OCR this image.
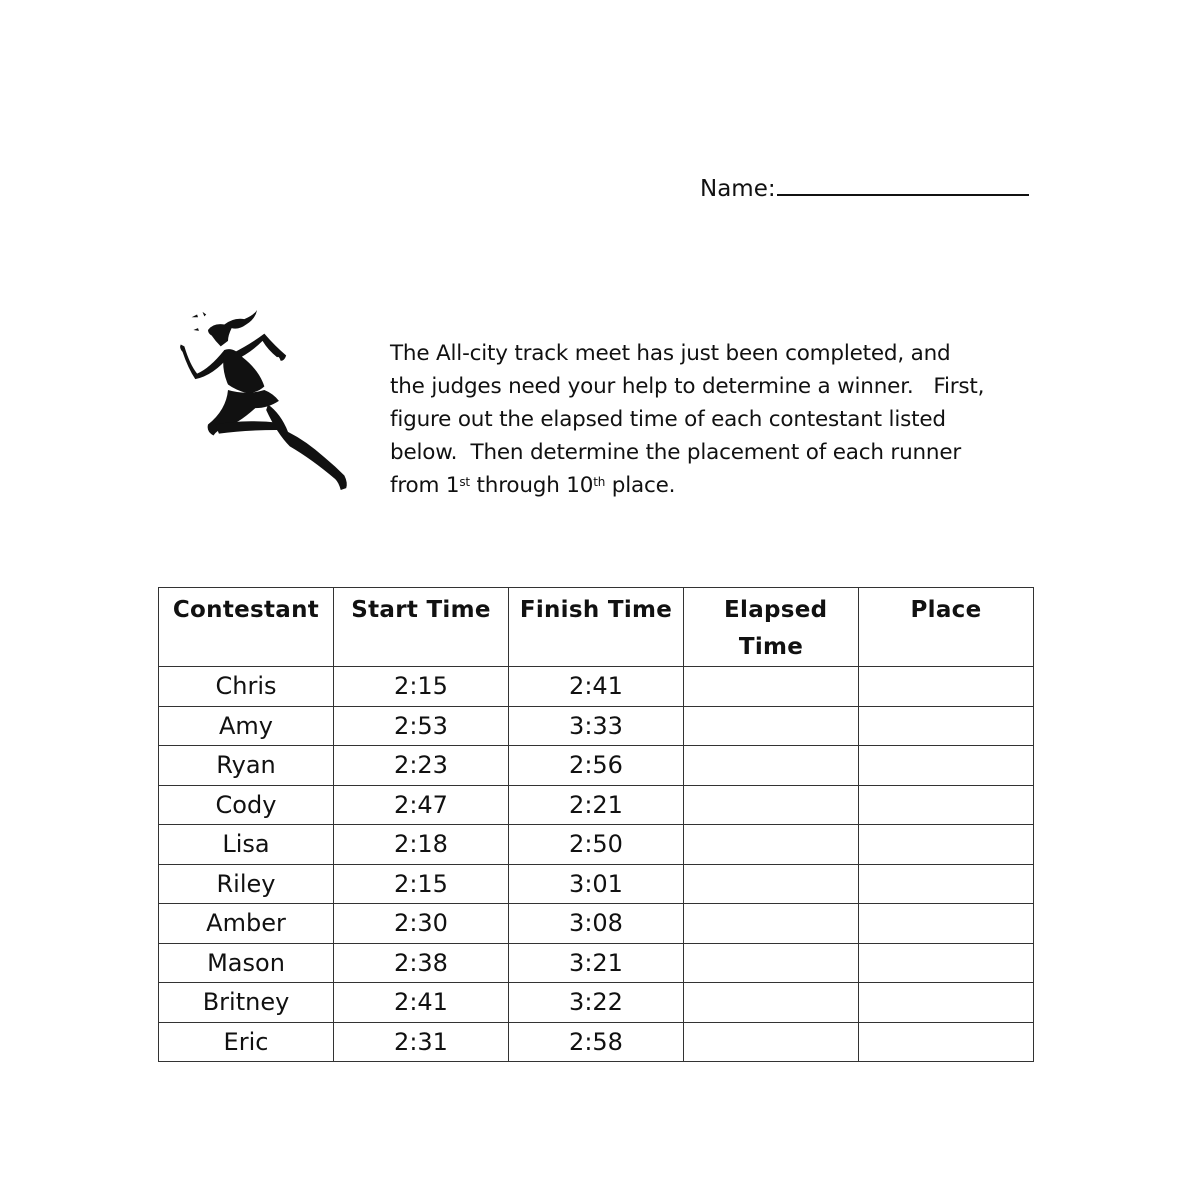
Name:
The All-city track meet has just been completed, and
the judges need your help to determine a winner.   First,
figure out the elapsed time of each contestant listed
below.  Then determine the placement of each runner
from 1st through 10th place.
Contestant	Start Time	Finish Time	Elapsed Time	Place
Chris	2:15	2:41		
Amy	2:53	3:33		
Ryan	2:23	2:56		
Cody	2:47	2:21		
Lisa	2:18	2:50		
Riley	2:15	3:01		
Amber	2:30	3:08		
Mason	2:38	3:21		
Britney	2:41	3:22		
Eric	2:31	2:58		
